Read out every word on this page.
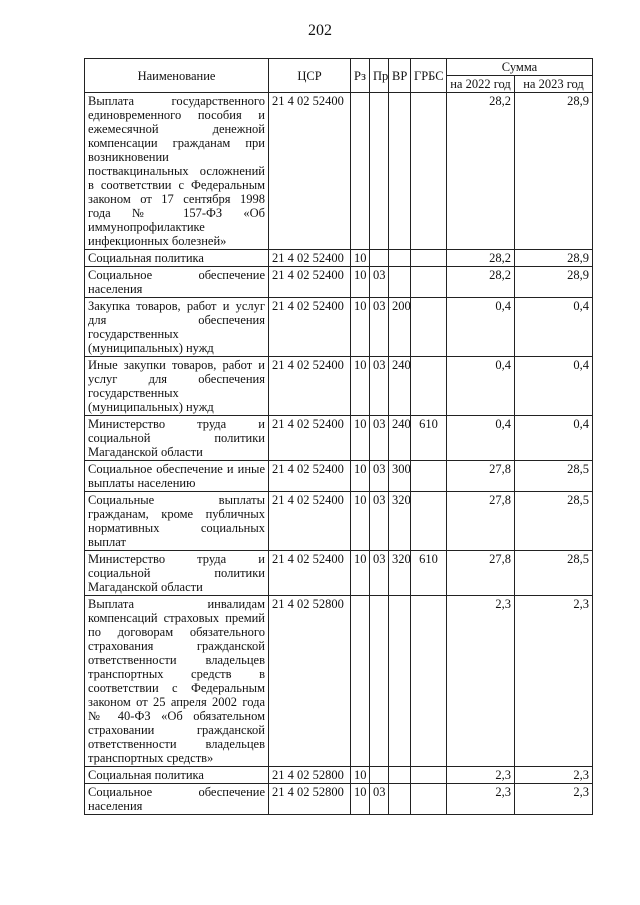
202
Наименование	ЦСР	Рз	Пр	ВР	ГРБС	Сумма	
						на 2022 год	на 2023 год
Выплата государственного единовременного пособия и ежемесячной денежной компенсации гражданам при возникновении поствакцинальных осложнений в соответствии с Федеральным законом от 17 сентября 1998 года № 157-ФЗ «Об иммунопрофилактике инфекционных болезней»	21 4 02 52400					28,2	28,9
Социальная политика	21 4 02 52400	10				28,2	28,9
Социальное обеспечение населения	21 4 02 52400	10	03			28,2	28,9
Закупка товаров, работ и услуг для обеспечения государственных (муниципальных) нужд	21 4 02 52400	10	03	200		0,4	0,4
Иные закупки товаров, работ и услуг для обеспечения государственных (муниципальных) нужд	21 4 02 52400	10	03	240		0,4	0,4
Министерство труда и социальной политики Магаданской области	21 4 02 52400	10	03	240	610	0,4	0,4
Социальное обеспечение и иные выплаты населению	21 4 02 52400	10	03	300		27,8	28,5
Социальные выплаты гражданам, кроме публичных нормативных социальных выплат	21 4 02 52400	10	03	320		27,8	28,5
Министерство труда и социальной политики Магаданской области	21 4 02 52400	10	03	320	610	27,8	28,5
Выплата инвалидам компенсаций страховых премий по договорам обязательного страхования гражданской ответственности владельцев транспортных средств в соответствии с Федеральным законом от 25 апреля 2002 года № 40-ФЗ «Об обязательном страховании гражданской ответственности владельцев транспортных средств»	21 4 02 52800					2,3	2,3
Социальная политика	21 4 02 52800	10				2,3	2,3
Социальное обеспечение населения	21 4 02 52800	10	03			2,3	2,3
